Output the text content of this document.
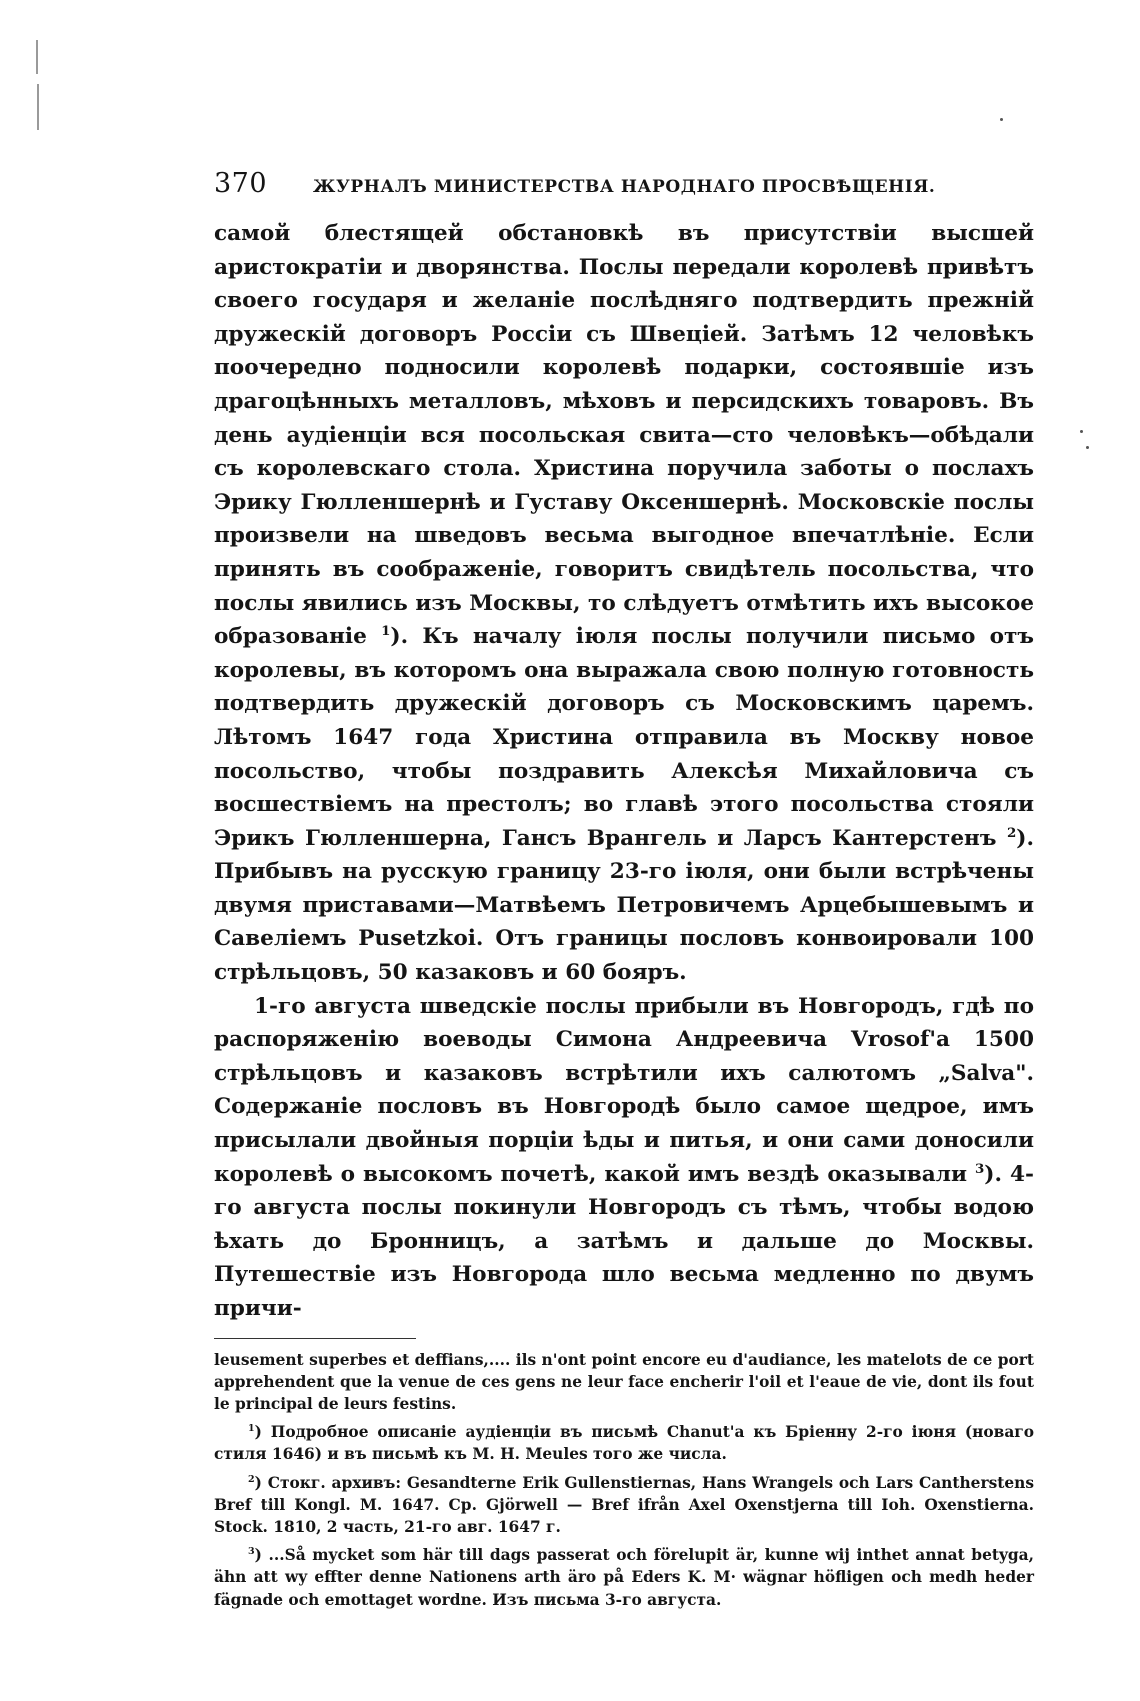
370	ЖУРНАЛЪ МИНИСТЕРСТВА НАРОДНАГО ПРОСВѢЩЕНІЯ.

самой блестящей обстановкѣ въ присутствіи высшей аристократіи и дворянства. Послы передали королевѣ привѣтъ своего государя и желаніе послѣдняго подтвердить прежній дружескій договоръ Россіи съ Швеціей. Затѣмъ 12 человѣкъ поочередно подносили королевѣ подарки, состоявшіе изъ драгоцѣнныхъ металловъ, мѣховъ и персидскихъ товаровъ. Въ день аудіенціи вся посольская свита—сто человѣкъ—обѣдали съ королевскаго стола. Христина поручила заботы о послахъ Эрику Гюлленшернѣ и Густаву Оксеншернѣ. Московскіе послы произвели на шведовъ весьма выгодное впечатлѣніе. Если принять въ соображеніе, говоритъ свидѣтель посольства, что послы явились изъ Москвы, то слѣдуетъ отмѣтить ихъ высокое образованіе $^1$). Къ началу іюля послы получили письмо отъ королевы, въ которомъ она выражала свою полную готовность подтвердить дружескій договоръ съ Московскимъ царемъ. Лѣтомъ 1647 года Христина отправила въ Москву новое посольство, чтобы поздравить Алексѣя Михайловича съ восшествіемъ на престолъ; во главѣ этого посольства стояли Эрикъ Гюлленшерна, Гансъ Врангель и Ларсъ Кантерстенъ $^2$). Прибывъ на русскую границу 23-го іюля, они были встрѣчены двумя приставами—Матвѣемъ Петровичемъ Арцебышевымъ и Савеліемъ Pusetzkoi. Отъ границы пословъ конвоировали 100 стрѣльцовъ, 50 казаковъ и 60 бояръ.

1-го августа шведскіе послы прибыли въ Новгородъ, гдѣ по распоряженію воеводы Симона Андреевича Vrosof'а 1500 стрѣльцовъ и казаковъ встрѣтили ихъ салютомъ „Salva". Содержаніе пословъ въ Новгородѣ было самое щедрое, имъ присылали двойныя порціи ѣды и питья, и они сами доносили королевѣ о высокомъ почетѣ, какой имъ вездѣ оказывали $^3$). 4-го августа послы покинули Новгородъ съ тѣмъ, чтобы водою ѣхать до Бронницъ, а затѣмъ и дальше до Москвы. Путешествіе изъ Новгорода шло весьма медленно по двумъ причи-

leusement superbes et deffians,.... ils n'ont point encore eu d'audiance, les matelots de ce port apprehendent que la venue de ces gens ne leur face encherir l'oil et l'eaue de vie, dont ils fout le principal de leurs festins.

$^1$) Подробное описаніе аудіенціи въ письмѣ Chanut'a къ Бріенну 2-го іюня (новаго стиля 1646) и въ письмѣ къ М. Н. Meules того же числа.

$^2$) Стокг. архивъ: Gesandterne Erik Gullenstiernas, Hans Wrangels och Lars Cantherstens Bref till Kongl. M. 1647. Ср. Gjörwell — Bref ifrån Axel Oxenstjerna till Ioh. Oxenstierna. Stock. 1810, 2 часть, 21-го авг. 1647 г.

$^3$) ...Så mycket som här till dags passerat och förelupit är, kunne wij inthet annat betyga, ähn att wy effter denne Nationens arth äro på Eders K. M· wägnar höfligen och medh heder fägnade och emottaget wordne. Изъ письма 3-го августа.
